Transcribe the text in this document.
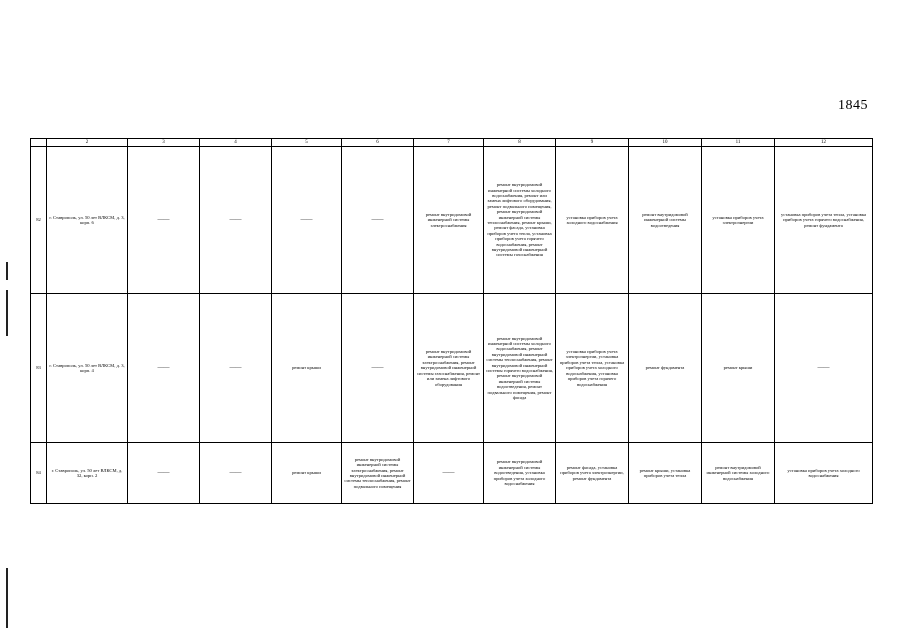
1845
	2	3	4	5	6	7	8	9	10	11	12
82	г. Ставрополь, ул. 50 лет ВЛКСМ, д. 3, корп. 6	——	——	——	——	ремонт внутридомовой инженерной системы электроснабжения	ремонт внутридомовой инженерной системы холодного водоснабжения, ремонт или замена лифтового оборудования, ремонт подвального помещения, ремонт внутридомовой инженерной системы теплоснабжения, ремонт крыши, ремонт фасада, установка приборов учета тепла, установка приборов учета горячего водоснабжения, ремонт внутридомовой инженерной системы газоснабжения	установка приборов учета холодного водоснабжения	ремонт внутридомовой инженерной системы водоотведения	установка приборов учета электроэнергии	установка приборов учета тепла, установка приборов учета горячего водоснабжения, ремонт фундамента
83	г. Ставрополь, ул. 50 лет ВЛКСМ, д. 3, корп. 4	——	——	ремонт крыши	——	ремонт внутридомовой инженерной системы электроснабжения, ремонт внутридомовой инженерной системы газоснабжения, ремонт или замена лифтового оборудования	ремонт внутридомовой инженерной системы холодного водоснабжения, ремонт внутридомовой инженерной системы теплоснабжения, ремонт внутридомовой инженерной системы горячего водоснабжения, ремонт внутридомовой инженерной системы водоотведения, ремонт подвального помещения, ремонт фасада	установка приборов учета электроэнергии, установка приборов учета тепла, установка приборов учета холодного водоснабжения, установка приборов учета горячего водоснабжения	ремонт фундамента	ремонт крыши	——
84	г. Ставрополь, ул. 50 лет ВЛКСМ, д. 32, корп. 2	——	——	ремонт крыши	ремонт внутридомовой инженерной системы электроснабжения, ремонт внутридомовой инженерной системы теплоснабжения, ремонт подвального помещения	——	ремонт внутридомовой инженерной системы водоотведения, установка приборов учета холодного водоснабжения	ремонт фасада, установка приборов учета электроэнергии, ремонт фундамента	ремонт крыши, установка приборов учета тепла	ремонт внутридомовой инженерной системы холодного водоснабжения	установка приборов учета холодного водоснабжения
